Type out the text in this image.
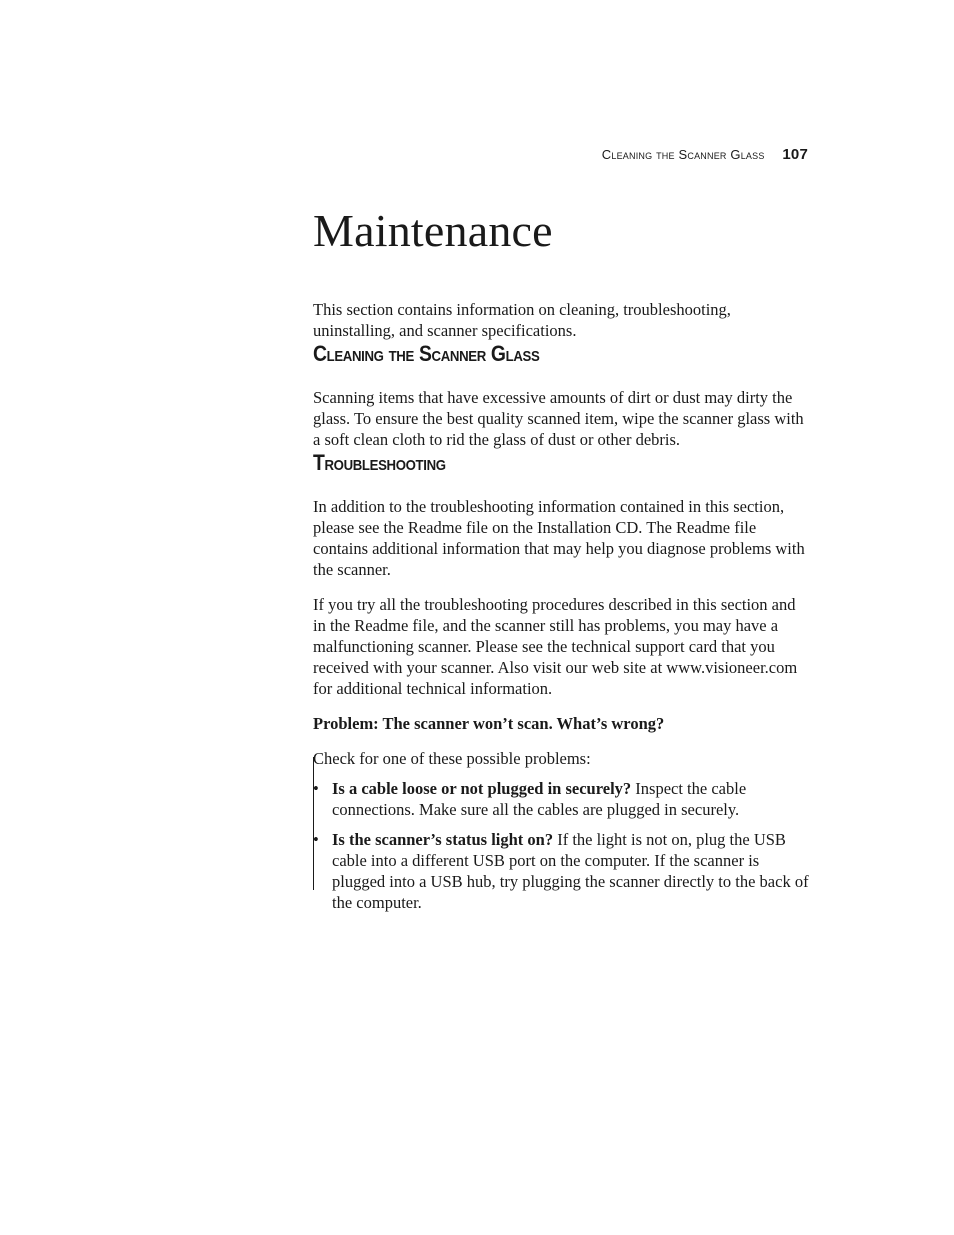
Cleaning the Scanner Glass 107
Maintenance

This section contains information on cleaning, troubleshooting, uninstalling, and scanner specifications.

Cleaning the Scanner Glass

Scanning items that have excessive amounts of dirt or dust may dirty the glass. To ensure the best quality scanned item, wipe the scanner glass with a soft clean cloth to rid the glass of dust or other debris.

Troubleshooting

In addition to the troubleshooting information contained in this section, please see the Readme file on the Installation CD. The Readme file contains additional information that may help you diagnose problems with the scanner.

If you try all the troubleshooting procedures described in this section and in the Readme file, and the scanner still has problems, you may have a malfunctioning scanner. Please see the technical support card that you received with your scanner. Also visit our web site at www.visioneer.com for additional technical information.

Problem: The scanner won’t scan. What’s wrong?

Check for one of these possible problems:

• Is a cable loose or not plugged in securely? Inspect the cable connections. Make sure all the cables are plugged in securely.
• Is the scanner’s status light on? If the light is not on, plug the USB cable into a different USB port on the computer. If the scanner is plugged into a USB hub, try plugging the scanner directly to the back of the computer.
